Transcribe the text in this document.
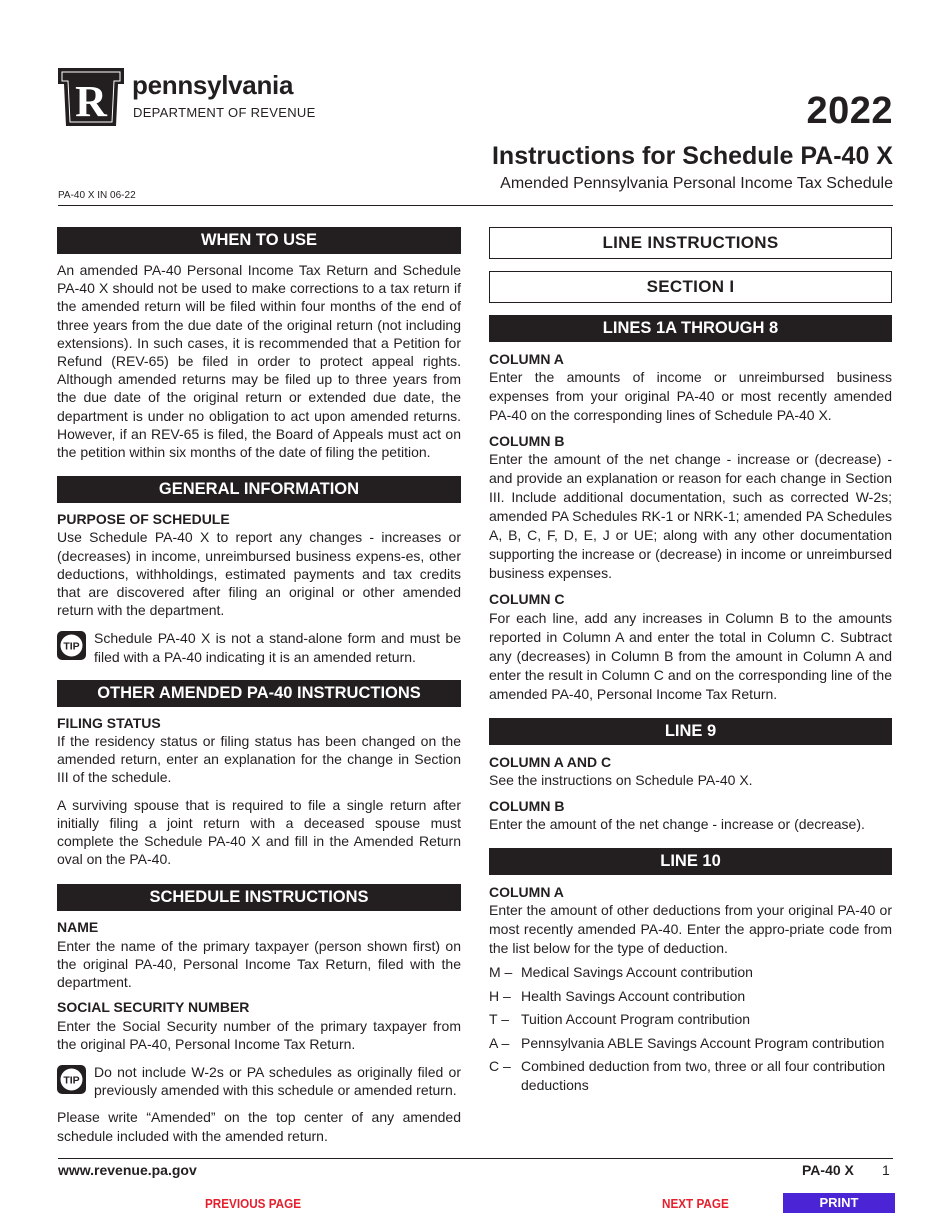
R pennsylvania
DEPARTMENT OF REVENUE	2022
Instructions for Schedule PA-40 X
Amended Pennsylvania Personal Income Tax Schedule
PA-40 X IN 06-22
WHEN TO USE

An amended PA-40 Personal Income Tax Return and Schedule PA-40 X should not be used to make corrections to a tax return if the amended return will be filed within four months of the end of three years from the due date of the original return (not including extensions). In such cases, it is recommended that a Petition for Refund (REV-65) be filed in order to protect appeal rights. Although amended returns may be filed up to three years from the due date of the original return or extended due date, the department is under no obligation to act upon amended returns. However, if an REV-65 is filed, the Board of Appeals must act on the petition within six months of the date of filing the petition.

GENERAL INFORMATION
PURPOSE OF SCHEDULE

Use Schedule PA-40 X to report any changes - increases or (decreases) in income, unreimbursed business expens-es, other deductions, withholdings, estimated payments and tax credits that are discovered after filing an original or other amended return with the department.

TIP

Schedule PA-40 X is not a stand-alone form and must be filed with a PA-40 indicating it is an amended return.

OTHER AMENDED PA-40 INSTRUCTIONS
FILING STATUS

If the residency status or filing status has been changed on the amended return, enter an explanation for the change in Section III of the schedule.

A surviving spouse that is required to file a single return after initially filing a joint return with a deceased spouse must complete the Schedule PA-40 X and fill in the Amended Return oval on the PA-40.

SCHEDULE INSTRUCTIONS
NAME

Enter the name of the primary taxpayer (person shown first) on the original PA-40, Personal Income Tax Return, filed with the department.

SOCIAL SECURITY NUMBER

Enter the Social Security number of the primary taxpayer from the original PA-40, Personal Income Tax Return.

TIP

Do not include W-2s or PA schedules as originally filed or previously amended with this schedule or amended return.

Please write “Amended” on the top center of any amended schedule included with the amended return.

LINE INSTRUCTIONS
SECTION I
LINES 1A THROUGH 8
COLUMN A

Enter the amounts of income or unreimbursed business expenses from your original PA-40 or most recently amended PA-40 on the corresponding lines of Schedule PA-40 X.

COLUMN B

Enter the amount of the net change - increase or (decrease) - and provide an explanation or reason for each change in Section III. Include additional documentation, such as corrected W-2s; amended PA Schedules RK-1 or NRK-1; amended PA Schedules A, B, C, F, D, E, J or UE; along with any other documentation supporting the increase or (decrease) in income or unreimbursed business expenses.

COLUMN C

For each line, add any increases in Column B to the amounts reported in Column A and enter the total in Column C. Subtract any (decreases) in Column B from the amount in Column A and enter the result in Column C and on the corresponding line of the amended PA-40, Personal Income Tax Return.

LINE 9
COLUMN A AND C

See the instructions on Schedule PA-40 X.

COLUMN B

Enter the amount of the net change - increase or (decrease).

LINE 10
COLUMN A

Enter the amount of other deductions from your original PA-40 or most recently amended PA-40. Enter the appro-priate code from the list below for the type of deduction.

M – Medical Savings Account contribution
H – Health Savings Account contribution
T – Tuition Account Program contribution
A – Pennsylvania ABLE Savings Account Program contribution
C – Combined deduction from two, three or all four contribution deductions
www.revenue.pa.gov	PA-40 X 1
PREVIOUS PAGE	NEXT PAGE	PRINT
